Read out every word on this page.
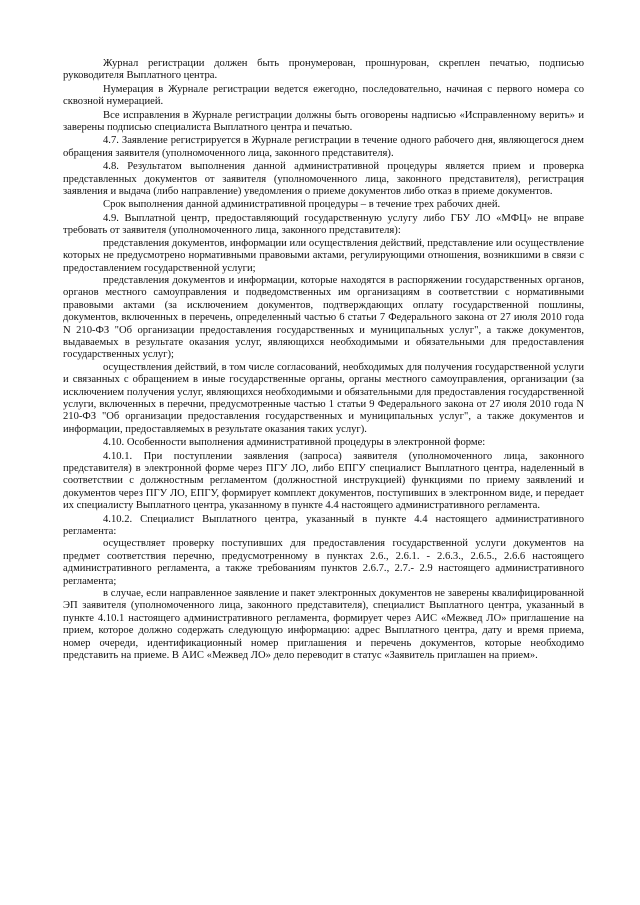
Журнал регистрации должен быть пронумерован, прошнурован, скреплен печатью, подписью руководителя Выплатного центра.

Нумерация в Журнале регистрации ведется ежегодно, последовательно, начиная с первого номера со сквозной нумерацией.

Все исправления в Журнале регистрации должны быть оговорены надписью «Исправленному верить» и заверены подписью специалиста Выплатного центра и печатью.

4.7. Заявление регистрируется в Журнале регистрации в течение одного рабочего дня, являющегося днем обращения заявителя (уполномоченного лица, законного представителя).

4.8. Результатом выполнения данной административной процедуры является прием и проверка представленных документов от заявителя (уполномоченного лица, законного представителя), регистрация заявления и выдача (либо направление) уведомления о приеме документов либо отказ в приеме документов.

Срок выполнения данной административной процедуры – в течение трех рабочих дней.

4.9. Выплатной центр, предоставляющий государственную услугу либо ГБУ ЛО «МФЦ» не вправе требовать от заявителя (уполномоченного лица, законного представителя):

представления документов, информации или осуществления действий, представление или осуществление которых не предусмотрено нормативными правовыми актами, регулирующими отношения, возникшими в связи с предоставлением государственной услуги;

представления документов и информации, которые находятся в распоряжении государственных органов, органов местного самоуправления и подведомственных им организациям в соответствии с нормативными правовыми актами (за исключением документов, подтверждающих оплату государственной пошлины, документов, включенных в перечень, определенный частью 6 статьи 7 Федерального закона от 27 июля 2010 года N 210-ФЗ "Об организации предоставления государственных и муниципальных услуг", а также документов, выдаваемых в результате оказания услуг, являющихся необходимыми и обязательными для предоставления государственных услуг);

осуществления действий, в том числе согласований, необходимых для получения государственной услуги и связанных с обращением в иные государственные органы, органы местного самоуправления, организации (за исключением получения услуг, являющихся необходимыми и обязательными для предоставления государственной услуги, включенных в перечни, предусмотренные частью 1 статьи 9 Федерального закона от 27 июля 2010 года N 210-ФЗ "Об организации предоставления государственных и муниципальных услуг", а также документов и информации, предоставляемых в результате оказания таких услуг).

4.10. Особенности выполнения административной процедуры в электронной форме:

4.10.1. При поступлении заявления (запроса) заявителя (уполномоченного лица, законного представителя) в электронной форме через ПГУ ЛО, либо ЕПГУ специалист Выплатного центра, наделенный в соответствии с должностным регламентом (должностной инструкцией) функциями по приему заявлений и документов через ПГУ ЛО, ЕПГУ, формирует комплект документов, поступивших в электронном виде, и передает их специалисту Выплатного центра, указанному в пункте 4.4 настоящего административного регламента.

4.10.2. Специалист Выплатного центра, указанный в пункте 4.4 настоящего административного регламента:

осуществляет проверку поступивших для предоставления государственной услуги документов на предмет соответствия перечню, предусмотренному в пунктах 2.6., 2.6.1. - 2.6.3., 2.6.5., 2.6.6 настоящего административного регламента, а также требованиям пунктов 2.6.7., 2.7.- 2.9 настоящего административного регламента;

в случае, если направленное заявление и пакет электронных документов не заверены квалифицированной ЭП заявителя (уполномоченного лица, законного представителя), специалист Выплатного центра, указанный в пункте 4.10.1 настоящего административного регламента, формирует через АИС «Межвед ЛО» приглашение на прием, которое должно содержать следующую информацию: адрес Выплатного центра, дату и время приема, номер очереди, идентификационный номер приглашения и перечень документов, которые необходимо представить на приеме. В АИС «Межвед ЛО» дело переводит в статус «Заявитель приглашен на прием».
